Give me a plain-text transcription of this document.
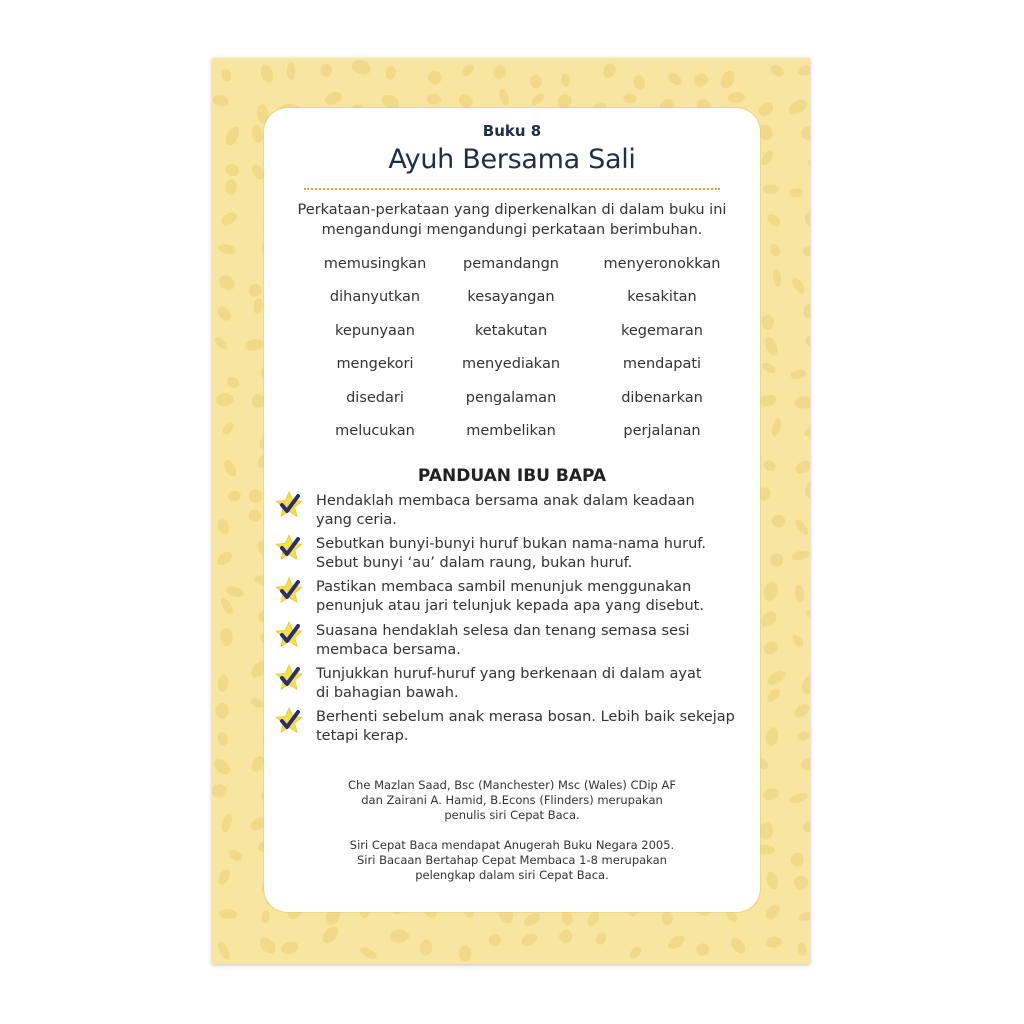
Buku 8
Ayuh Bersama Sali
Perkataan-perkataan yang diperkenalkan di dalam buku ini
mengandungi mengandungi perkataan berimbuhan.
memusingkan	pemandangn	menyeronokkan
dihanyutkan	kesayangan	kesakitan
kepunyaan	ketakutan	kegemaran
mengekori	menyediakan	mendapati
disedari	pengalaman	dibenarkan
melucukan	membelikan	perjalanan
PANDUAN IBU BAPA
Hendaklah membaca bersama anak dalam keadaan
yang ceria.
Sebutkan bunyi-bunyi huruf bukan nama-nama huruf.
Sebut bunyi ‘au’ dalam raung, bukan huruf.
Pastikan membaca sambil menunjuk menggunakan
penunjuk atau jari telunjuk kepada apa yang disebut.
Suasana hendaklah selesa dan tenang semasa sesi
membaca bersama.
Tunjukkan huruf-huruf yang berkenaan di dalam ayat
di bahagian bawah.
Berhenti sebelum anak merasa bosan. Lebih baik sekejap
tetapi kerap.
Che Mazlan Saad, Bsc (Manchester) Msc (Wales) CDip AF
dan Zairani A. Hamid, B.Econs (Flinders) merupakan
penulis siri Cepat Baca.
Siri Cepat Baca mendapat Anugerah Buku Negara 2005.
Siri Bacaan Bertahap Cepat Membaca 1-8 merupakan
pelengkap dalam siri Cepat Baca.
